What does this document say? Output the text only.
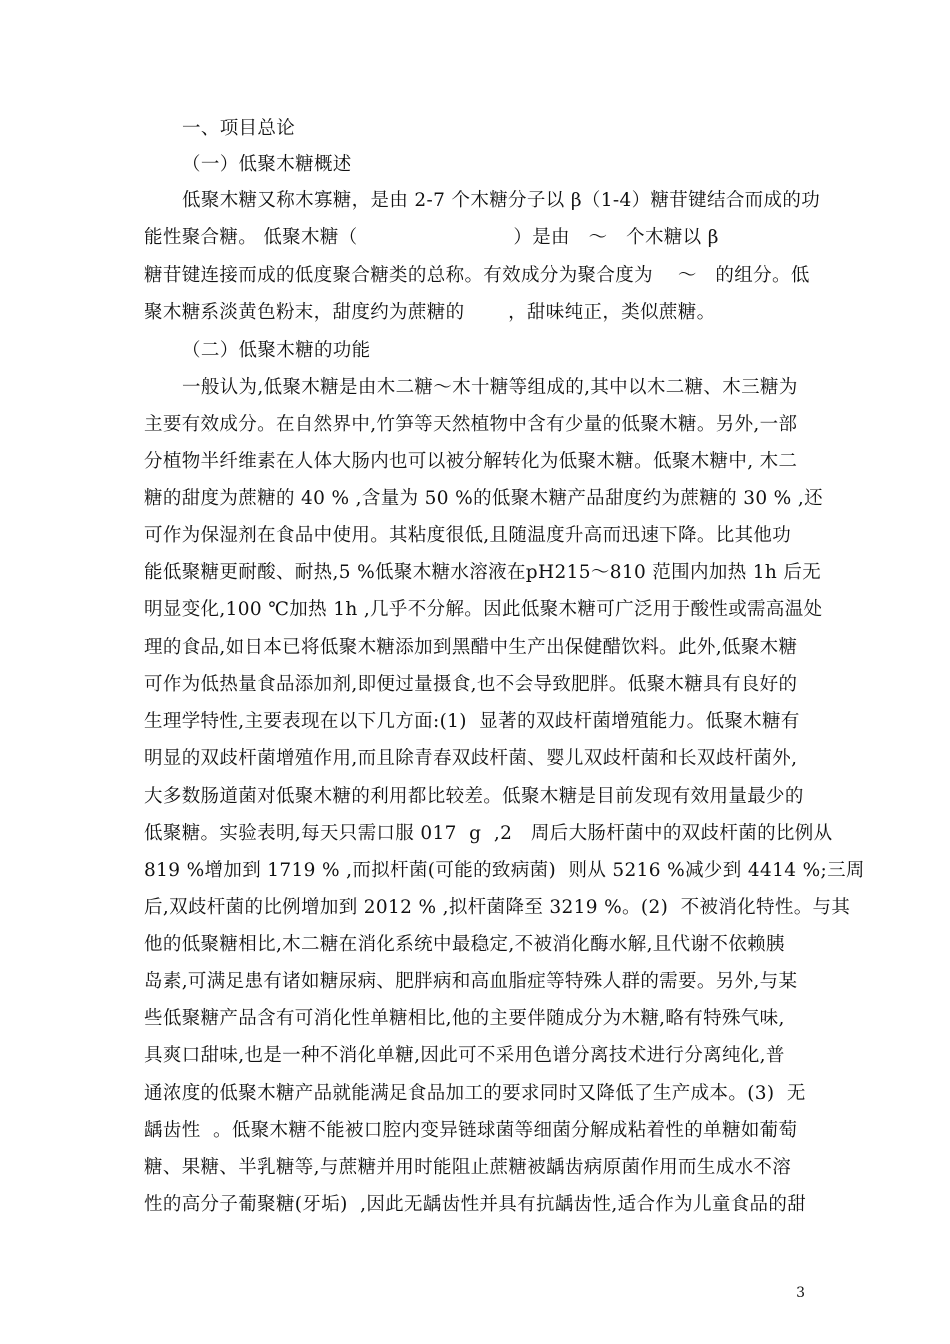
一、项目总论
（一）低聚木糖概述
低聚木糖又称木寡糖，是由 2-7 个木糖分子以 β（1-4）糖苷键结合而成的功
能性聚合糖。 低聚木糖（                         ）是由   ～   个木糖以 β
糖苷键连接而成的低度聚合糖类的总称。有效成分为聚合度为    ～   的组分。低
聚木糖系淡黄色粉末，甜度约为蔗糖的       ，甜味纯正，类似蔗糖。
（二）低聚木糖的功能
一般认为,低聚木糖是由木二糖～木十糖等组成的,其中以木二糖、木三糖为
主要有效成分。在自然界中,竹笋等天然植物中含有少量的低聚木糖。另外,一部
分植物半纤维素在人体大肠内也可以被分解转化为低聚木糖。低聚木糖中, 木二
糖的甜度为蔗糖的 40 % ,含量为 50 %的低聚木糖产品甜度约为蔗糖的 30 % ,还
可作为保湿剂在食品中使用。其粘度很低,且随温度升高而迅速下降。比其他功
能低聚糖更耐酸、耐热,5 %低聚木糖水溶液在pH215～810 范围内加热 1h 后无
明显变化,100 ℃加热 1h ,几乎不分解。因此低聚木糖可广泛用于酸性或需高温处
理的食品,如日本已将低聚木糖添加到黑醋中生产出保健醋饮料。此外,低聚木糖
可作为低热量食品添加剂,即便过量摄食,也不会导致肥胖。低聚木糖具有良好的
生理学特性,主要表现在以下几方面:(1)  显著的双歧杆菌增殖能力。低聚木糖有
明显的双歧杆菌增殖作用,而且除青春双歧杆菌、婴儿双歧杆菌和长双歧杆菌外,
大多数肠道菌对低聚木糖的利用都比较差。低聚木糖是目前发现有效用量最少的
低聚糖。实验表明,每天只需口服 017  g  ,2   周后大肠杆菌中的双歧杆菌的比例从
819 %增加到 1719 % ,而拟杆菌(可能的致病菌)  则从 5216 %减少到 4414 %;三周
后,双歧杆菌的比例增加到 2012 % ,拟杆菌降至 3219 %。(2)  不被消化特性。与其
他的低聚糖相比,木二糖在消化系统中最稳定,不被消化酶水解,且代谢不依赖胰
岛素,可满足患有诸如糖尿病、肥胖病和高血脂症等特殊人群的需要。另外,与某
些低聚糖产品含有可消化性单糖相比,他的主要伴随成分为木糖,略有特殊气味,
具爽口甜味,也是一种不消化单糖,因此可不采用色谱分离技术进行分离纯化,普
通浓度的低聚木糖产品就能满足食品加工的要求同时又降低了生产成本。(3)  无
龋齿性  。低聚木糖不能被口腔内变异链球菌等细菌分解成粘着性的单糖如葡萄
糖、果糖、半乳糖等,与蔗糖并用时能阻止蔗糖被龋齿病原菌作用而生成水不溶
性的高分子葡聚糖(牙垢)  ,因此无龋齿性并具有抗龋齿性,适合作为儿童食品的甜
3
